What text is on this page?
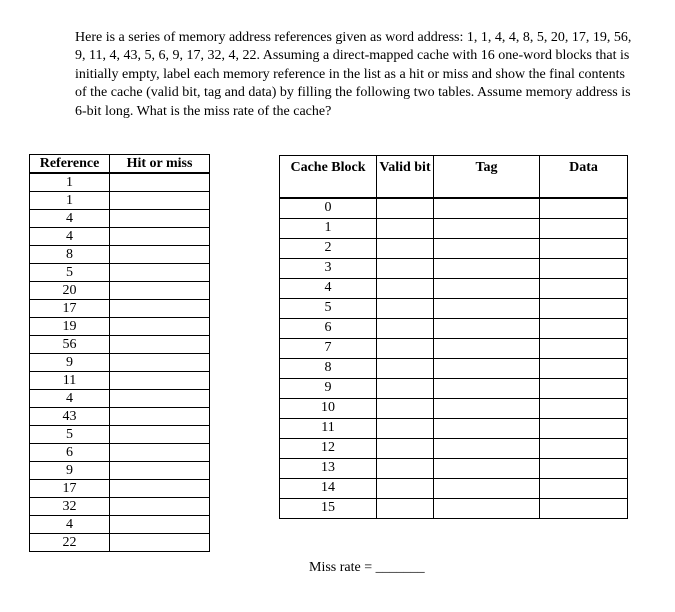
Here is a series of memory address references given as word address: 1, 1, 4, 4, 8, 5, 20, 17, 19, 56, 9, 11, 4, 43, 5, 6, 9, 17, 32, 4, 22. Assuming a direct-mapped cache with 16 one-word blocks that is initially empty, label each memory reference in the list as a hit or miss and show the final contents of the cache (valid bit, tag and data) by filling the following two tables. Assume memory address is 6-bit long. What is the miss rate of the cache?

Reference	Hit or miss
1	
1	
4	
4	
8	
5	
20	
17	
19	
56	
9	
11	
4	
43	
5	
6	
9	
17	
32	
4	
22	
Cache Block	Valid bit	Tag	Data
0			
1			
2			
3			
4			
5			
6			
7			
8			
9			
10			
11			
12			
13			
14			
15			
Miss rate = _______
